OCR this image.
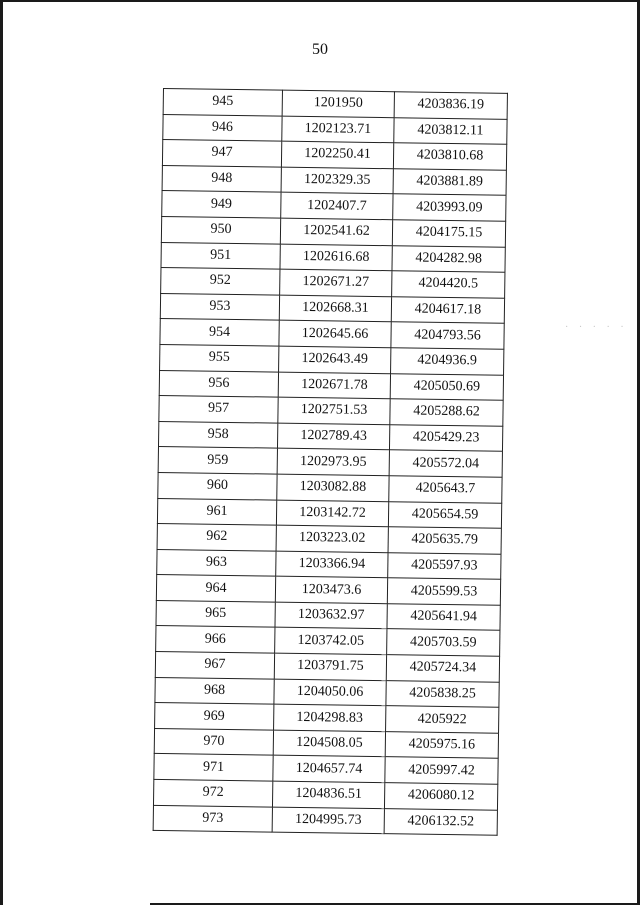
50
· · · · ·
945	1201950	4203836.19
946	1202123.71	4203812.11
947	1202250.41	4203810.68
948	1202329.35	4203881.89
949	1202407.7	4203993.09
950	1202541.62	4204175.15
951	1202616.68	4204282.98
952	1202671.27	4204420.5
953	1202668.31	4204617.18
954	1202645.66	4204793.56
955	1202643.49	4204936.9
956	1202671.78	4205050.69
957	1202751.53	4205288.62
958	1202789.43	4205429.23
959	1202973.95	4205572.04
960	1203082.88	4205643.7
961	1203142.72	4205654.59
962	1203223.02	4205635.79
963	1203366.94	4205597.93
964	1203473.6	4205599.53
965	1203632.97	4205641.94
966	1203742.05	4205703.59
967	1203791.75	4205724.34
968	1204050.06	4205838.25
969	1204298.83	4205922
970	1204508.05	4205975.16
971	1204657.74	4205997.42
972	1204836.51	4206080.12
973	1204995.73	4206132.52
